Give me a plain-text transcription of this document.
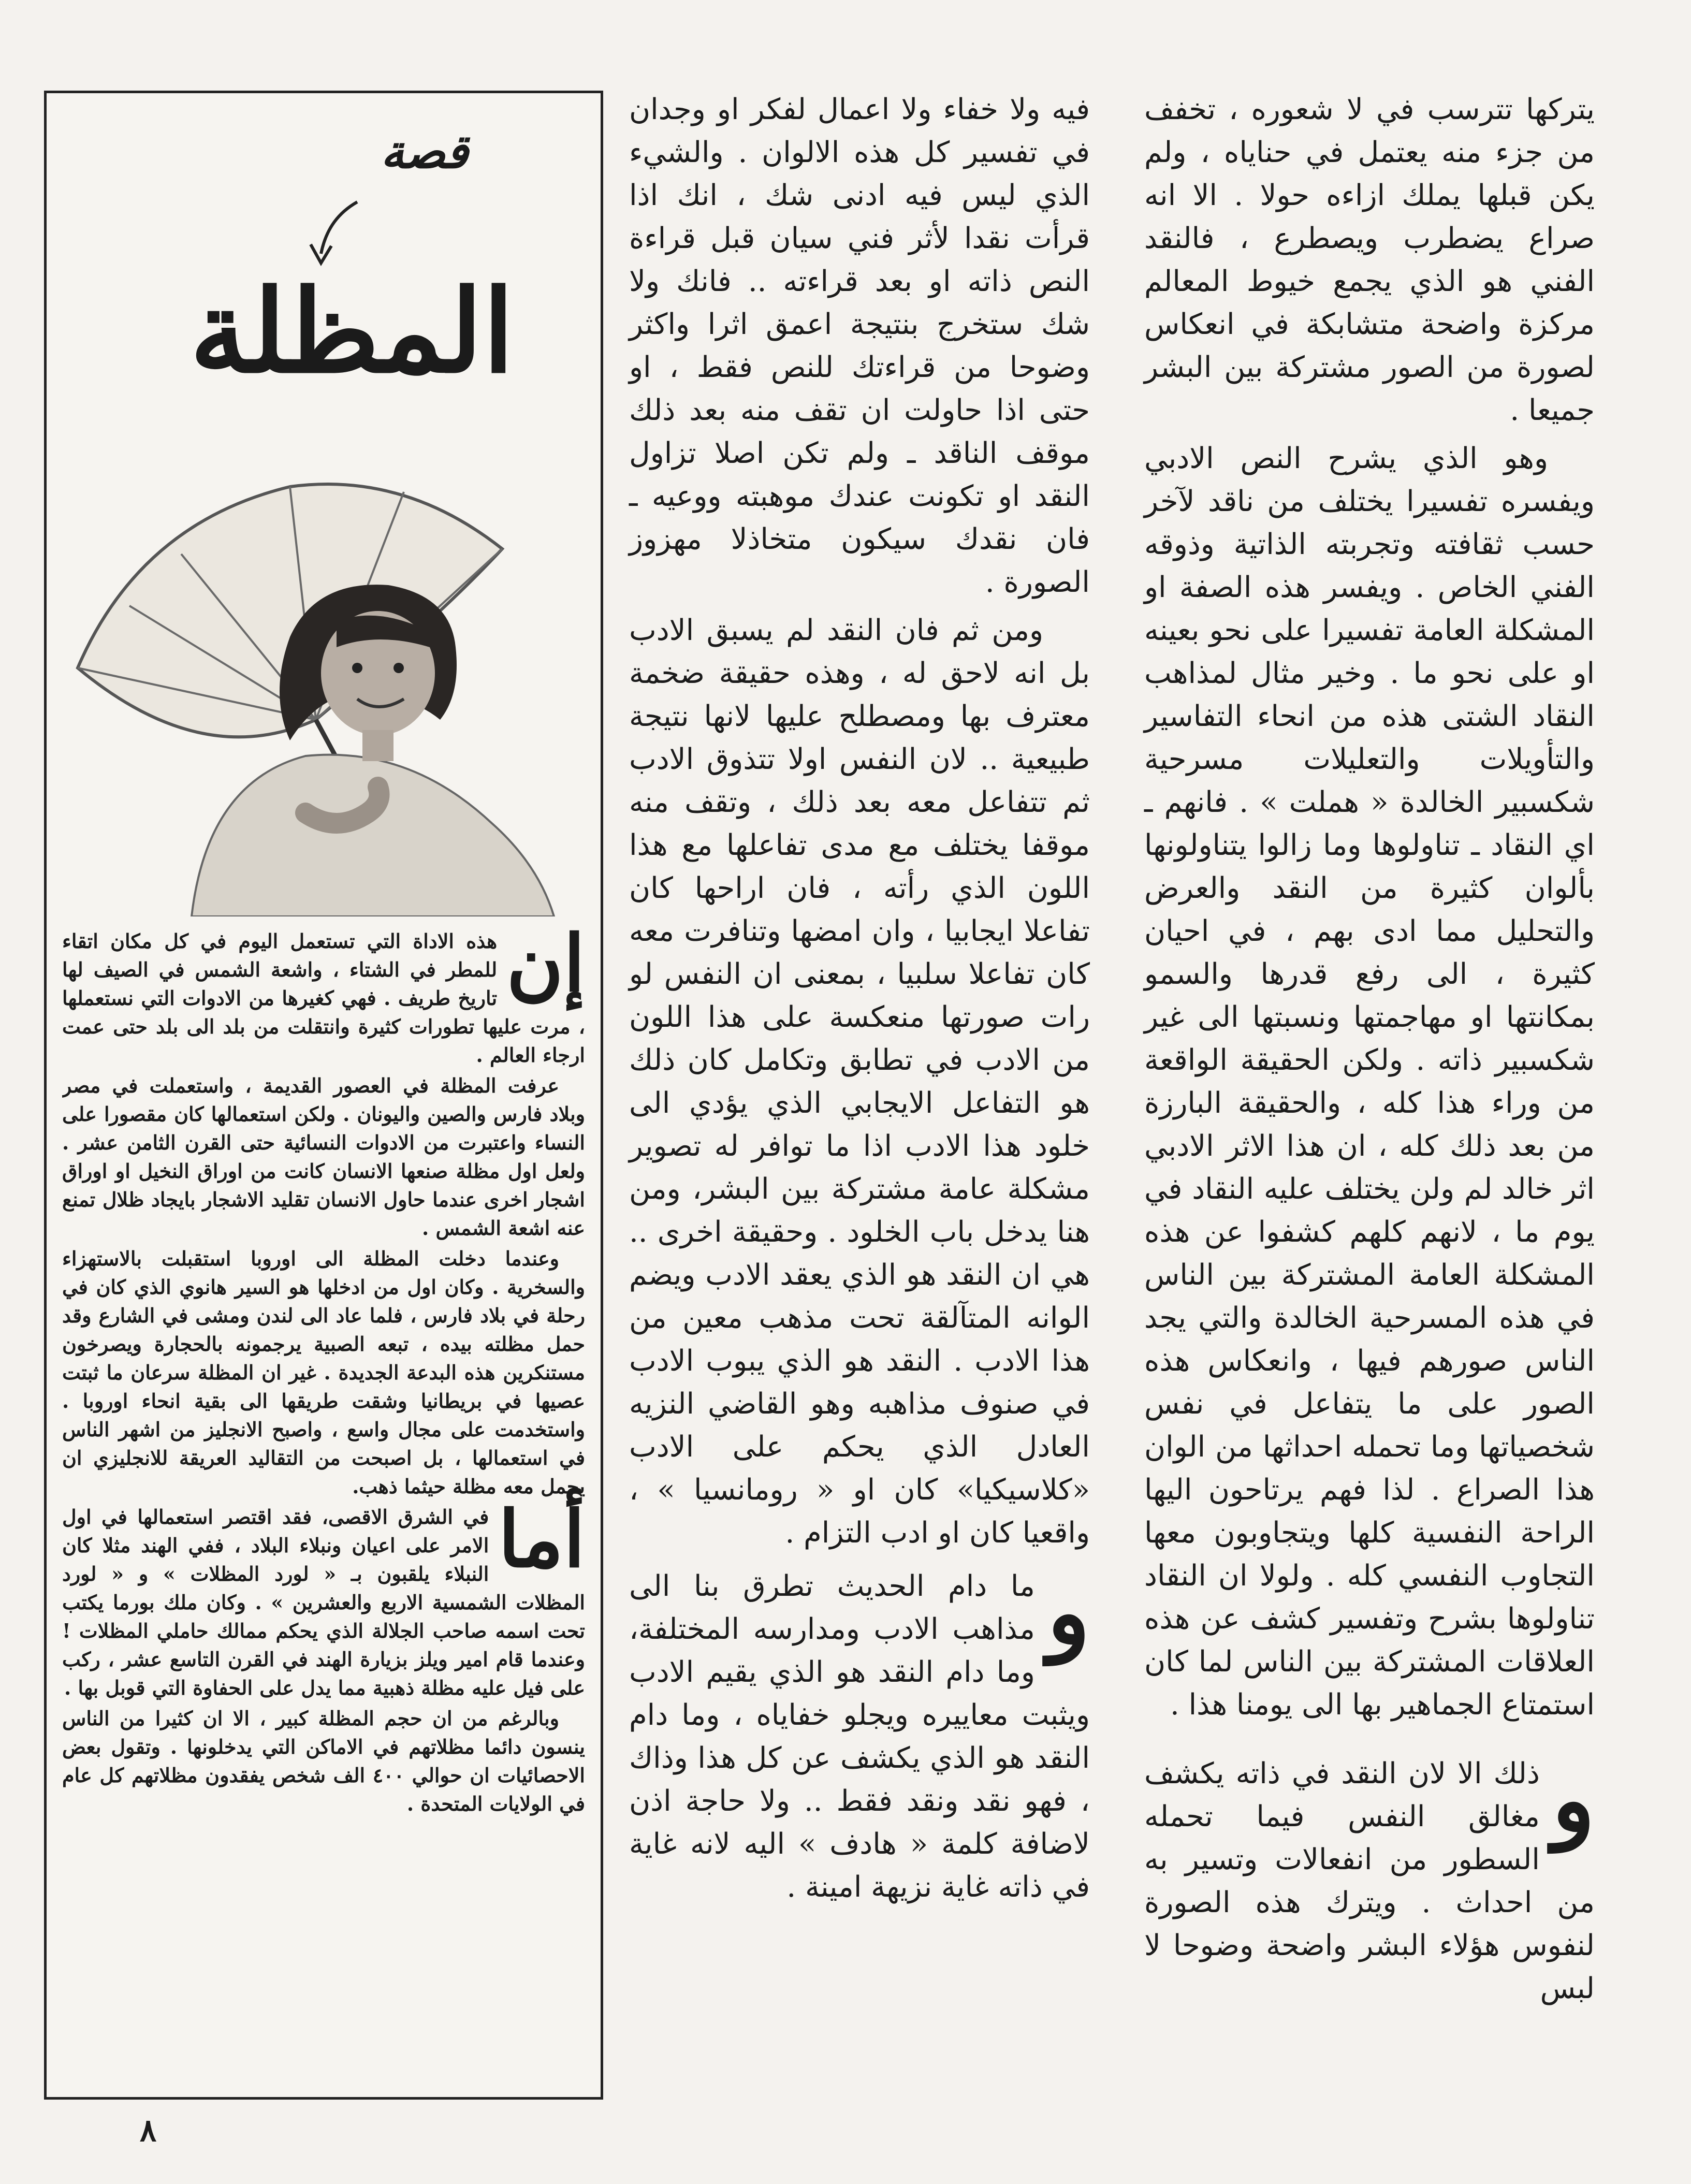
يتركها تترسب في لا شعوره ، تخفف من جزء منه يعتمل في حناياه ، ولم يكن قبلها يملك ازاءه حولا . الا انه صراع يضطرب ويصطرع ، فالنقد الفني هو الذي يجمع خيوط المعالم مركزة واضحة متشابكة في انعكاس لصورة من الصور مشتركة بين البشر جميعا .

وهو الذي يشرح النص الادبي ويفسره تفسيرا يختلف من ناقد لآخر حسب ثقافته وتجربته الذاتية وذوقه الفني الخاص . ويفسر هذه الصفة او المشكلة العامة تفسيرا على نحو بعينه او على نحو ما . وخير مثال لمذاهب النقاد الشتى هذه من انحاء التفاسير والتأويلات والتعليلات مسرحية شكسبير الخالدة « هملت » . فانهم ـ اي النقاد ـ تناولوها وما زالوا يتناولونها بألوان كثيرة من النقد والعرض والتحليل مما ادى بهم ، في احيان كثيرة ، الى رفع قدرها والسمو بمكانتها او مهاجمتها ونسبتها الى غير شكسبير ذاته . ولكن الحقيقة الواقعة من وراء هذا كله ، والحقيقة البارزة من بعد ذلك كله ، ان هذا الاثر الادبي اثر خالد لم ولن يختلف عليه النقاد في يوم ما ، لانهم كلهم كشفوا عن هذه المشكلة العامة المشتركة بين الناس في هذه المسرحية الخالدة والتي يجد الناس صورهم فيها ، وانعكاس هذه الصور على ما يتفاعل في نفس شخصياتها وما تحمله احداثها من الوان هذا الصراع . لذا فهم يرتاحون اليها الراحة النفسية كلها ويتجاوبون معها التجاوب النفسي كله . ولولا ان النقاد تناولوها بشرح وتفسير كشف عن هذه العلاقات المشتركة بين الناس لما كان استمتاع الجماهير بها الى يومنا هذا .

و
ذلك الا لان النقد في ذاته يكشف مغالق النفس فيما تحمله السطور من انفعالات وتسير به من احداث . ويترك هذه الصورة لنفوس هؤلاء البشر واضحة وضوحا لا لبس

فيه ولا خفاء ولا اعمال لفكر او وجدان في تفسير كل هذه الالوان . والشيء الذي ليس فيه ادنى شك ، انك اذا قرأت نقدا لأثر فني سيان قبل قراءة النص ذاته او بعد قراءته .. فانك ولا شك ستخرج بنتيجة اعمق اثرا واكثر وضوحا من قراءتك للنص فقط ، او حتى اذا حاولت ان تقف منه بعد ذلك موقف الناقد ـ ولم تكن اصلا تزاول النقد او تكونت عندك موهبته ووعيه ـ فان نقدك سيكون متخاذلا مهزوز الصورة .

ومن ثم فان النقد لم يسبق الادب بل انه لاحق له ، وهذه حقيقة ضخمة معترف بها ومصطلح عليها لانها نتيجة طبيعية .. لان النفس اولا تتذوق الادب ثم تتفاعل معه بعد ذلك ، وتقف منه موقفا يختلف مع مدى تفاعلها مع هذا اللون الذي رأته ، فان اراحها كان تفاعلا ايجابيا ، وان امضها وتنافرت معه كان تفاعلا سلبيا ، بمعنى ان النفس لو رات صورتها منعكسة على هذا اللون من الادب في تطابق وتكامل كان ذلك هو التفاعل الايجابي الذي يؤدي الى خلود هذا الادب اذا ما توافر له تصوير مشكلة عامة مشتركة بين البشر، ومن هنا يدخل باب الخلود . وحقيقة اخرى .. هي ان النقد هو الذي يعقد الادب ويضم الوانه المتآلقة تحت مذهب معين من هذا الادب . النقد هو الذي يبوب الادب في صنوف مذاهبه وهو القاضي النزيه العادل الذي يحكم على الادب «كلاسيكيا» كان او « رومانسيا » ، واقعيا كان او ادب التزام .

و
ما دام الحديث تطرق بنا الى مذاهب الادب ومدارسه المختلفة، وما دام النقد هو الذي يقيم الادب ويثبت معاييره ويجلو خفاياه ، وما دام النقد هو الذي يكشف عن كل هذا وذاك ، فهو نقد ونقد فقط .. ولا حاجة اذن لاضافة كلمة « هادف » اليه لانه غاية في ذاته غاية نزيهة امينة .

قصة
المظلة

إن
هذه الاداة التي تستعمل اليوم في كل مكان اتقاء للمطر في الشتاء ، واشعة الشمس في الصيف لها تاريخ طريف . فهي كغيرها من الادوات التي نستعملها ، مرت عليها تطورات كثيرة وانتقلت من بلد الى بلد حتى عمت ارجاء العالم .

عرفت المظلة في العصور القديمة ، واستعملت في مصر وبلاد فارس والصين واليونان . ولكن استعمالها كان مقصورا على النساء واعتبرت من الادوات النسائية حتى القرن الثامن عشر . ولعل اول مظلة صنعها الانسان كانت من اوراق النخيل او اوراق اشجار اخرى عندما حاول الانسان تقليد الاشجار بايجاد ظلال تمنع عنه اشعة الشمس .

وعندما دخلت المظلة الى اوروبا استقبلت بالاستهزاء والسخرية . وكان اول من ادخلها هو السير هانوي الذي كان في رحلة في بلاد فارس ، فلما عاد الى لندن ومشى في الشارع وقد حمل مظلته بيده ، تبعه الصبية يرجمونه بالحجارة ويصرخون مستنكرين هذه البدعة الجديدة . غير ان المظلة سرعان ما ثبتت عصيها في بريطانيا وشقت طريقها الى بقية انحاء اوروبا . واستخدمت على مجال واسع ، واصبح الانجليز من اشهر الناس في استعمالها ، بل اصبحت من التقاليد العريقة للانجليزي ان يحمل معه مظلة حيثما ذهب.

أما
في الشرق الاقصى، فقد اقتصر استعمالها في اول الامر على اعيان ونبلاء البلاد ، ففي الهند مثلا كان النبلاء يلقبون بـ « لورد المظلات » و « لورد المظلات الشمسية الاربع والعشرين » . وكان ملك بورما يكتب تحت اسمه صاحب الجلالة الذي يحكم ممالك حاملي المظلات ! وعندما قام امير ويلز بزيارة الهند في القرن التاسع عشر ، ركب على فيل عليه مظلة ذهبية مما يدل على الحفاوة التي قوبل بها .

وبالرغم من ان حجم المظلة كبير ، الا ان كثيرا من الناس ينسون دائما مظلاتهم في الاماكن التي يدخلونها . وتقول بعض الاحصائيات ان حوالي ٤٠٠ الف شخص يفقدون مظلاتهم كل عام في الولايات المتحدة .

٨
